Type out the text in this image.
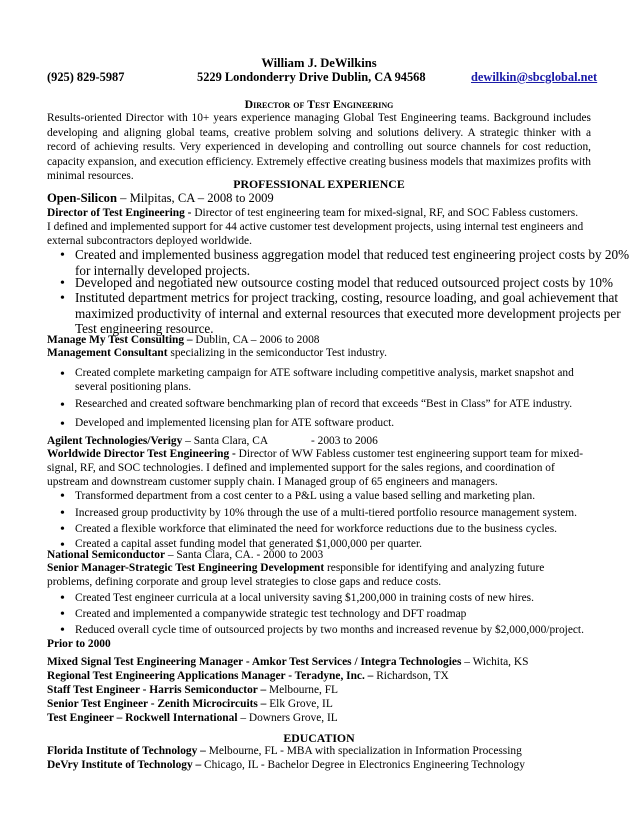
William J. DeWilkins
(925) 829-5987	5229 Londonderry Drive Dublin, CA 94568	dewilkin@sbcglobal.net
Director of Test Engineering
Results-oriented Director with 10+ years experience managing Global Test Engineering teams. Background includes developing and aligning global teams, creative problem solving and solutions delivery. A strategic thinker with a record of achieving results. Very experienced in developing and controlling out source channels for cost reduction, capacity expansion, and execution efficiency. Extremely effective creating business models that maximizes profits with minimal resources.
PROFESSIONAL EXPERIENCE
Open-Silicon – Milpitas, CA – 2008 to 2009
Director of Test Engineering - Director of test engineering team for mixed-signal, RF, and SOC Fabless customers.
I defined and implemented support for 44 active customer test development projects, using internal test engineers and
external subcontractors deployed worldwide.
• Created and implemented business aggregation model that reduced test engineering project costs by 20%
for internally developed projects.
• Developed and negotiated new outsource costing model that reduced outsourced project costs by 10%
• Instituted department metrics for project tracking, costing, resource loading, and goal achievement that
maximized productivity of internal and external resources that executed more development projects per
Test engineering resource.
Manage My Test Consulting – Dublin, CA – 2006 to 2008
Management Consultant specializing in the semiconductor Test industry.
• Created complete marketing campaign for ATE software including competitive analysis, market snapshot and
several positioning plans.
• Researched and created software benchmarking plan of record that exceeds “Best in Class” for ATE industry.
• Developed and implemented licensing plan for ATE software product.
Agilent Technologies/Verigy – Santa Clara, CA	- 2003 to 2006
Worldwide Director Test Engineering - Director of WW Fabless customer test engineering support team for mixed-
signal, RF, and SOC technologies. I defined and implemented support for the sales regions, and coordination of
upstream and downstream customer supply chain. I Managed group of 65 engineers and managers.
• Transformed department from a cost center to a P&L using a value based selling and marketing plan.
• Increased group productivity by 10% through the use of a multi-tiered portfolio resource management system.
• Created a flexible workforce that eliminated the need for workforce reductions due to the business cycles.
• Created a capital asset funding model that generated $1,000,000 per quarter.
National Semiconductor – Santa Clara, CA. - 2000 to 2003
Senior Manager-Strategic Test Engineering Development responsible for identifying and analyzing future
problems, defining corporate and group level strategies to close gaps and reduce costs.
• Created Test engineer curricula at a local university saving $1,200,000 in training costs of new hires.
• Created and implemented a companywide strategic test technology and DFT roadmap
• Reduced overall cycle time of outsourced projects by two months and increased revenue by $2,000,000/project.
Prior to 2000
Mixed Signal Test Engineering Manager - Amkor Test Services / Integra Technologies – Wichita, KS
Regional Test Engineering Applications Manager - Teradyne, Inc. – Richardson, TX
Staff Test Engineer - Harris Semiconductor – Melbourne, FL
Senior Test Engineer - Zenith Microcircuits – Elk Grove, IL
Test Engineer – Rockwell International – Downers Grove, IL
EDUCATION
Florida Institute of Technology – Melbourne, FL - MBA with specialization in Information Processing
DeVry Institute of Technology – Chicago, IL - Bachelor Degree in Electronics Engineering Technology
